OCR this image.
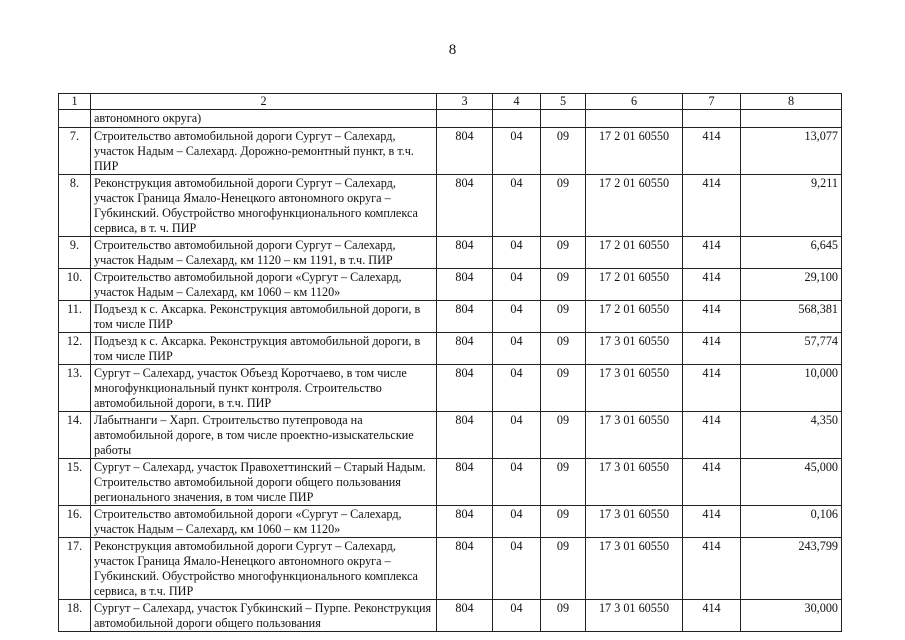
8
1	2	3	4	5	6	7	8
	автономного округа)						
7.	Строительство автомобильной дороги Сургут – Салехард, участок Надым – Салехард. Дорожно-ремонтный пункт, в т.ч. ПИР	804	04	09	17 2 01 60550	414	13,077
8.	Реконструкция автомобильной дороги Сургут – Салехард, участок Граница Ямало-Ненецкого автономного округа – Губкинский. Обустройство многофункционального комплекса сервиса, в т. ч. ПИР	804	04	09	17 2 01 60550	414	9,211
9.	Строительство автомобильной дороги Сургут – Салехард, участок Надым – Салехард, км 1120 – км 1191, в т.ч. ПИР	804	04	09	17 2 01 60550	414	6,645
10.	Строительство автомобильной дороги «Сургут – Салехард, участок Надым – Салехард, км 1060 – км 1120»	804	04	09	17 2 01 60550	414	29,100
11.	Подъезд к с. Аксарка. Реконструкция автомобильной дороги, в том числе ПИР	804	04	09	17 2 01 60550	414	568,381
12.	Подъезд к с. Аксарка. Реконструкция автомобильной дороги, в том числе ПИР	804	04	09	17 3 01 60550	414	57,774
13.	Сургут – Салехард, участок Объезд Коротчаево, в том числе многофункциональный пункт контроля. Строительство автомобильной дороги, в т.ч. ПИР	804	04	09	17 3 01 60550	414	10,000
14.	Лабытнанги – Харп. Строительство путепровода на автомобильной дороге, в том числе проектно-изыскательские работы	804	04	09	17 3 01 60550	414	4,350
15.	Сургут – Салехард, участок Правохеттинский – Старый Надым. Строительство автомобильной дороги общего пользования регионального значения, в том числе ПИР	804	04	09	17 3 01 60550	414	45,000
16.	Строительство автомобильной дороги «Сургут – Салехард, участок Надым – Салехард, км 1060 – км 1120»	804	04	09	17 3 01 60550	414	0,106
17.	Реконструкция автомобильной дороги Сургут – Салехард, участок Граница Ямало-Ненецкого автономного округа – Губкинский. Обустройство многофункционального комплекса сервиса, в т.ч. ПИР	804	04	09	17 3 01 60550	414	243,799
18.	Сургут – Салехард, участок Губкинский – Пурпе. Реконструкция автомобильной дороги общего пользования	804	04	09	17 3 01 60550	414	30,000
